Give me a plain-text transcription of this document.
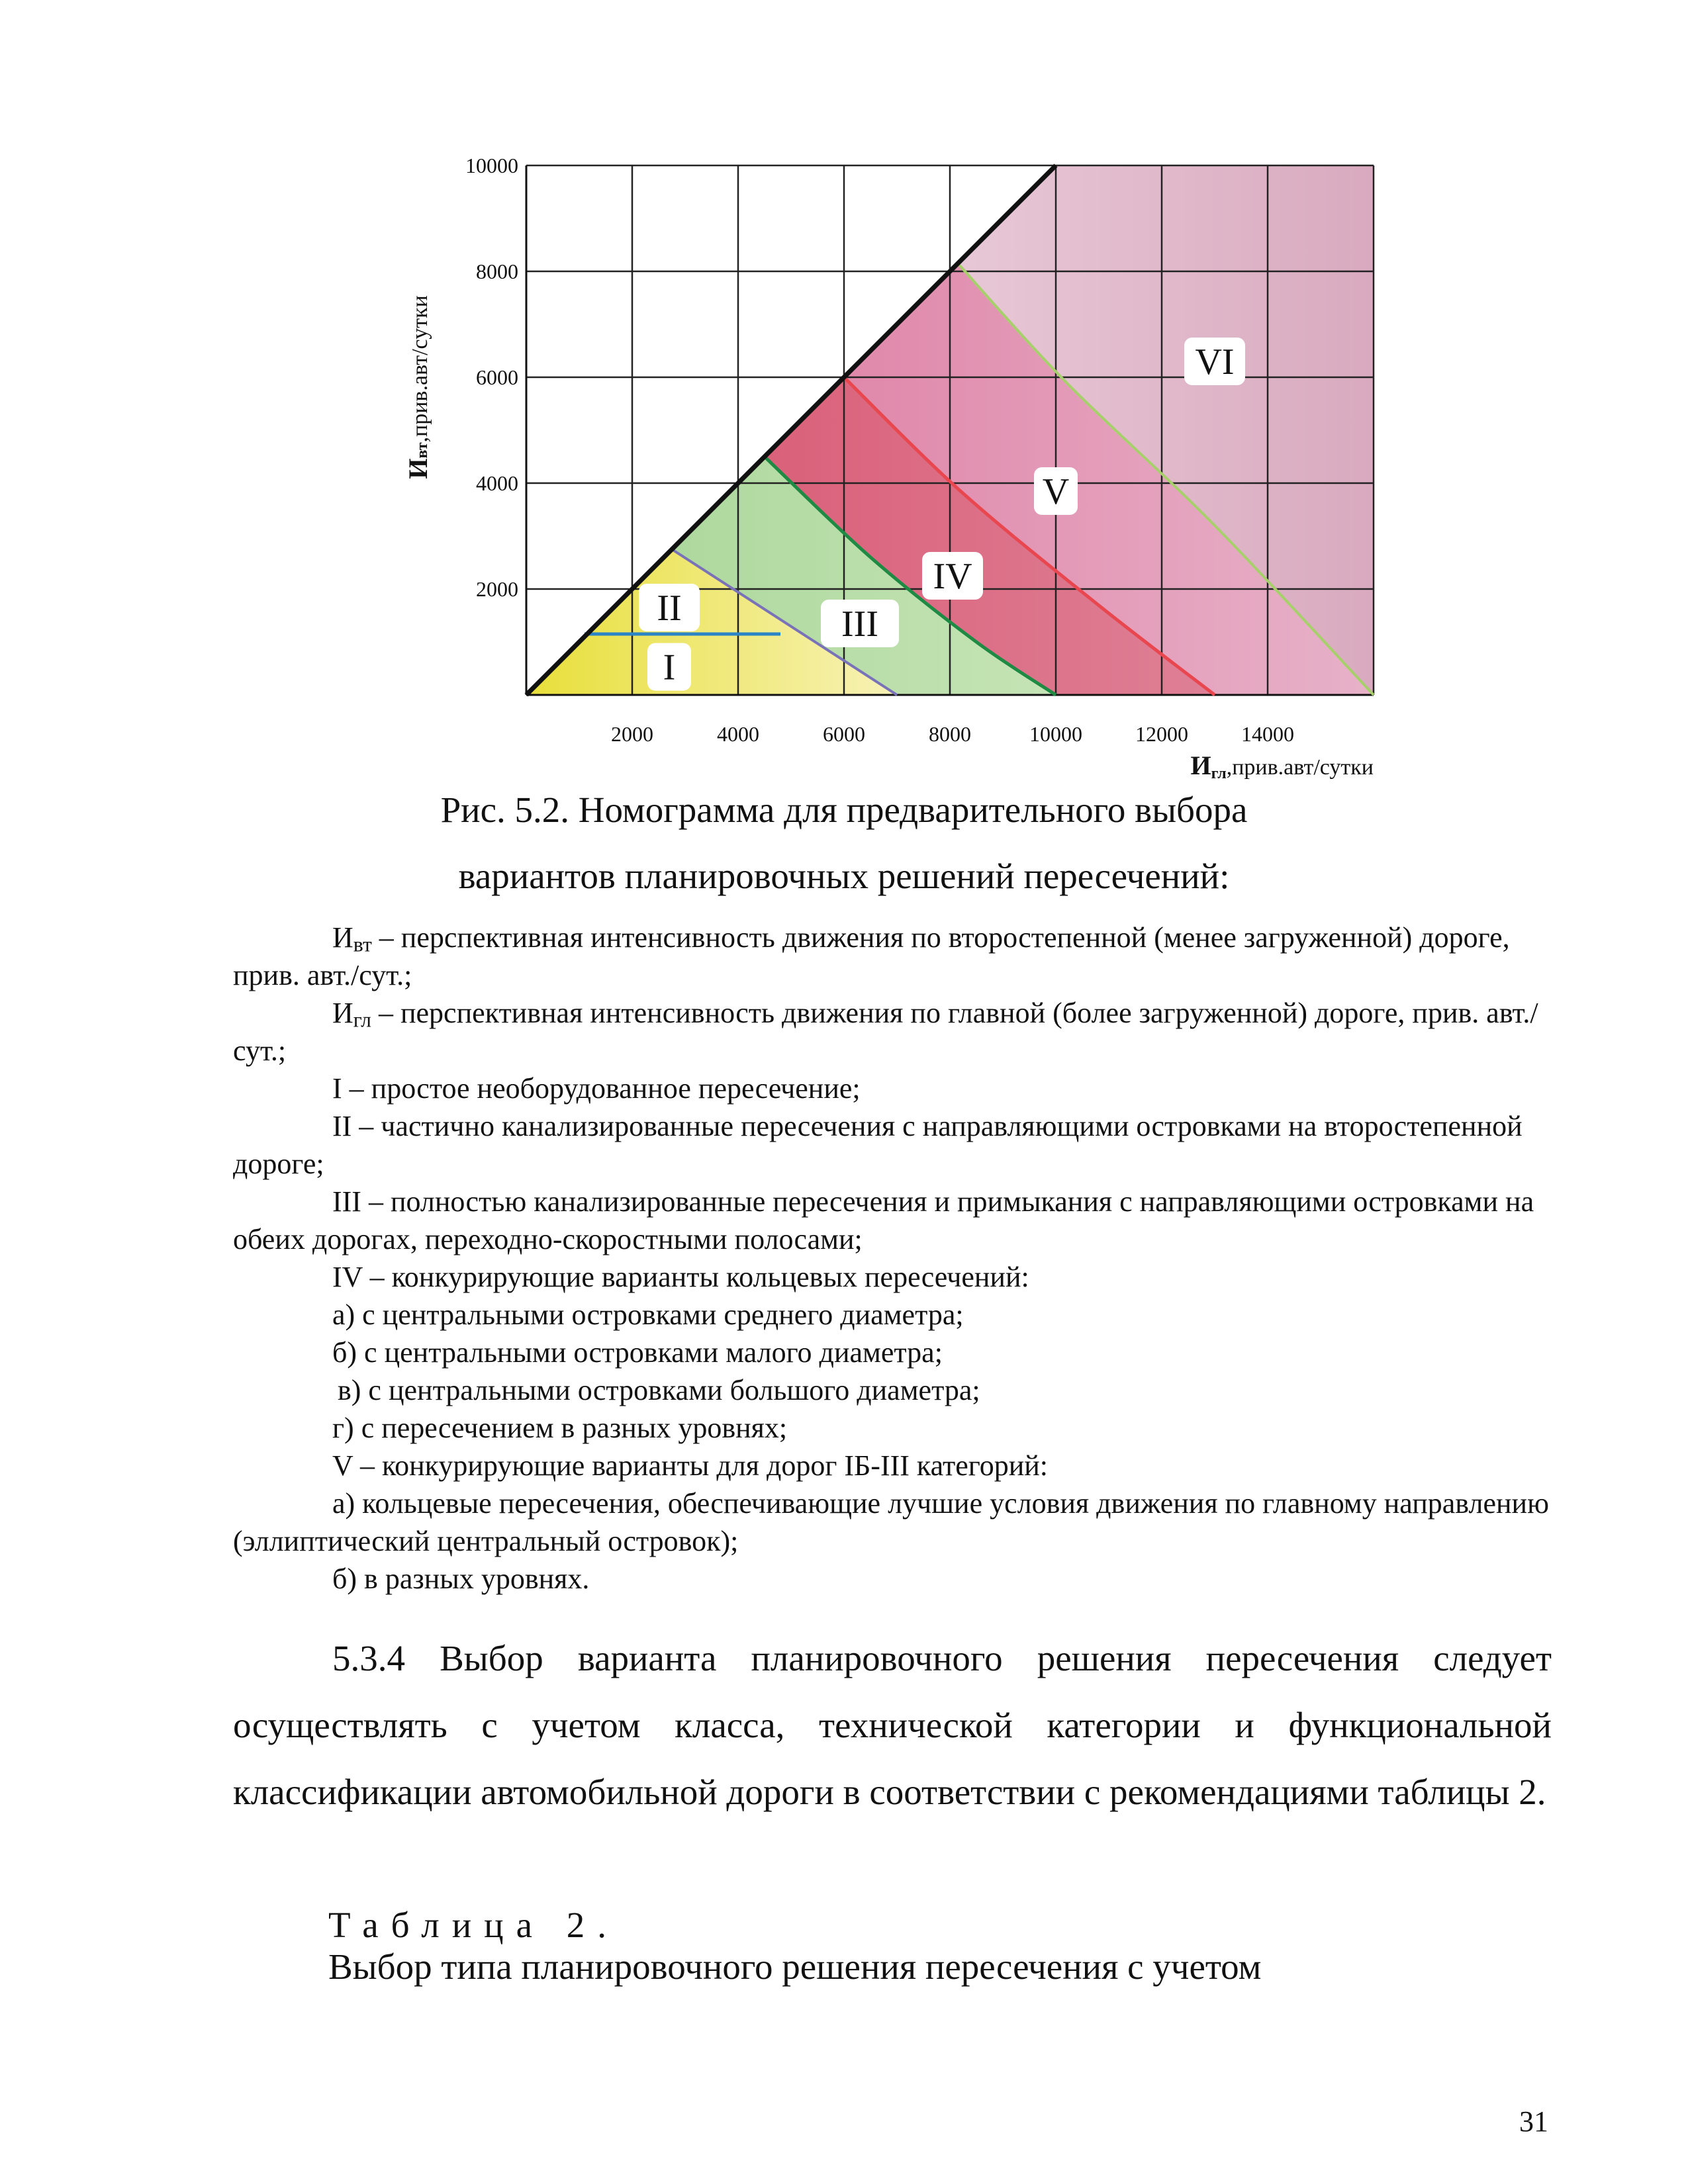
2000	4000	6000	8000	10000	12000	14000
2000
4000
6000
8000
10000
I
II	III
IV
V
VI
Ивт,прив.авт/сутки
Игл,прив.авт/сутки
Рис. 5.2. Номограмма для предварительного выбора
вариантов планировочных решений пересечений:

$И_{вт}$ – перспективная интенсивность движения по второстепенной (менее загруженной) дороге, прив. авт./сут.;

$И_{гл}$ – перспективная интенсивность движения по главной (более загруженной) дороге, прив. авт./сут.;

I – простое необорудованное пересечение;

II – частично канализированные пересечения с направляющими островками на второстепенной дороге;

III – полностью канализированные пересечения и примыкания с направляющими островками на обеих дорогах, переходно-скоростными полосами;

IV – конкурирующие варианты кольцевых пересечений:

а) с центральными островками среднего диаметра;

б) с центральными островками малого диаметра;

в) с центральными островками большого диаметра;

г) с пересечением в разных уровнях;

V – конкурирующие варианты для дорог IБ-III категорий:

а) кольцевые пересечения, обеспечивающие лучшие условия движения по главному направлению (эллиптический центральный островок);

б) в разных уровнях.

5.3.4 Выбор варианта планировочного решения пересечения следует осуществлять с учетом класса, технической категории и функциональной классификации автомобильной дороги в соответствии с рекомендациями таблицы 2.

Таблица 2.
Выбор типа планировочного решения пересечения с учетом
31
